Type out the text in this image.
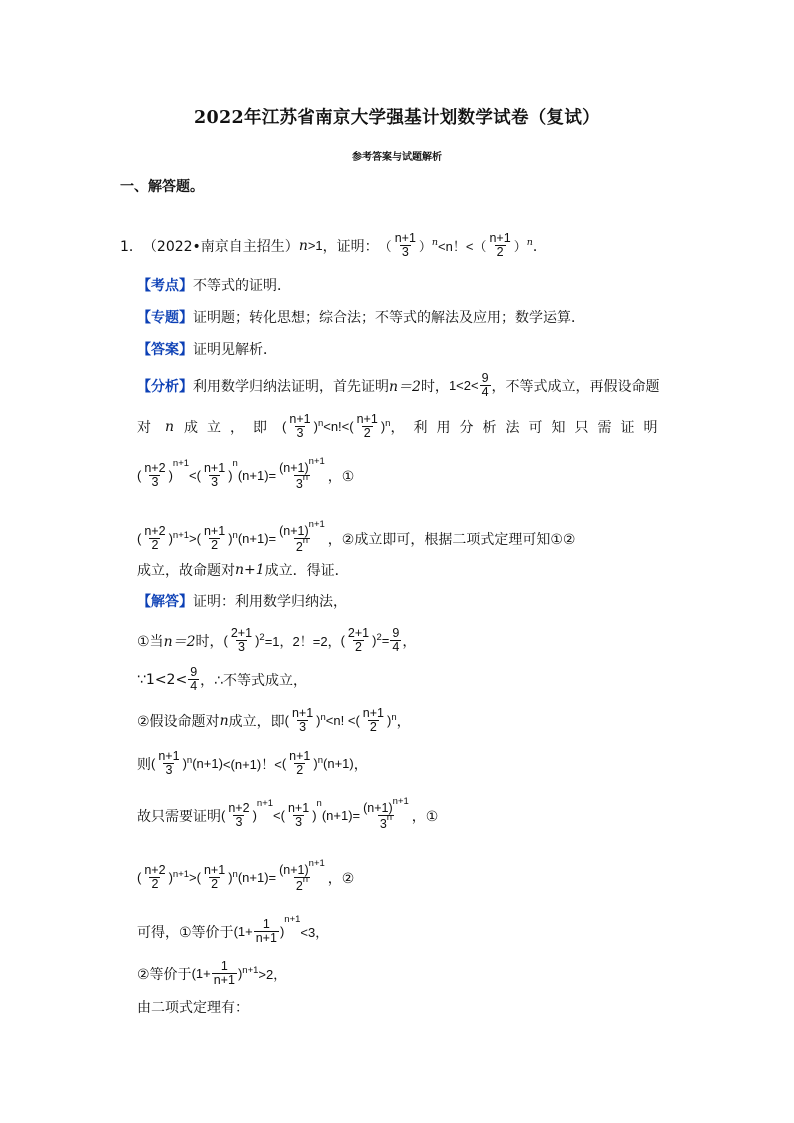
2022年江苏省南京大学强基计划数学试卷（复试）
参考答案与试题解析
一、解答题。
1． （2022•南京自主招生） n >1 ，证明： （ $\frac{n+1}{3} )^n <n$！< （ $\frac{n+1}{2} )^n$ ．
【考点】 不等式的证明．
【专题】 证明题；转化思想；综合法；不等式的解法及应用；数学运算．
【答案】 证明见解析．
【分析】 利用数学归纳法证明，首先证明 n＝2 时， $1<2< \frac{9}{4}$ ，不等式成立，再假设命题
对 n 成立，即 ( $\frac{n+1}{3} )^n <n!<$ ( $\frac{n+1}{2} )^n$ ，利用分析法可知只需证明
( $\frac{n+2}{3}$ )
n+1
< ( $\frac{n+1}{3}$ )
n
$(n+1) = \frac{(n+1)^{n+1}}{3^n}$ ，①
( $\frac{n+2}{2} )^{n+1}$ > ( $\frac{n+1}{2} )^n$ $(n+1) = \frac{(n+1)^{n+1}}{2^n}$ ，②成立即可，根据二项式定理可知①②
成立，故命题对 n+1 成立．得证．
【解答】 证明：利用数学归纳法，
①当 n＝2 时， ( $\frac{2+1}{3} )^2 =1$，2！=2， ( $\frac{2+1}{2} )^2 = \frac{9}{4}$ ，
∵1<2< $\frac{9}{4}$ ，∴不等式成立，
②假设命题对 n 成立，即 ( $\frac{n+1}{3} )^n <n$! < ( $\frac{n+1}{2} )^n$ ，
则 ( $\frac{n+1}{3} )^n$ (n+1) <(n+1)！< ( $\frac{n+1}{2} )^n$ (n+1) ，
故只需要证明 ( $\frac{n+2}{3}$ )
n+1
< ( $\frac{n+1}{3}$ )
n
$(n+1) = \frac{(n+1)^{n+1}}{3^n}$ ，①
( $\frac{n+2}{2} )^{n+1}$ > ( $\frac{n+1}{2} )^n$ $(n+1) = \frac{(n+1)^{n+1}}{2^n}$ ，②
可得，①等价于 ( $1+ \frac{1}{n+1}$ )
n+1
<3，
②等价于 ( $1+ \frac{1}{n+1} )^{n+1} >2$，
由二项式定理有：
